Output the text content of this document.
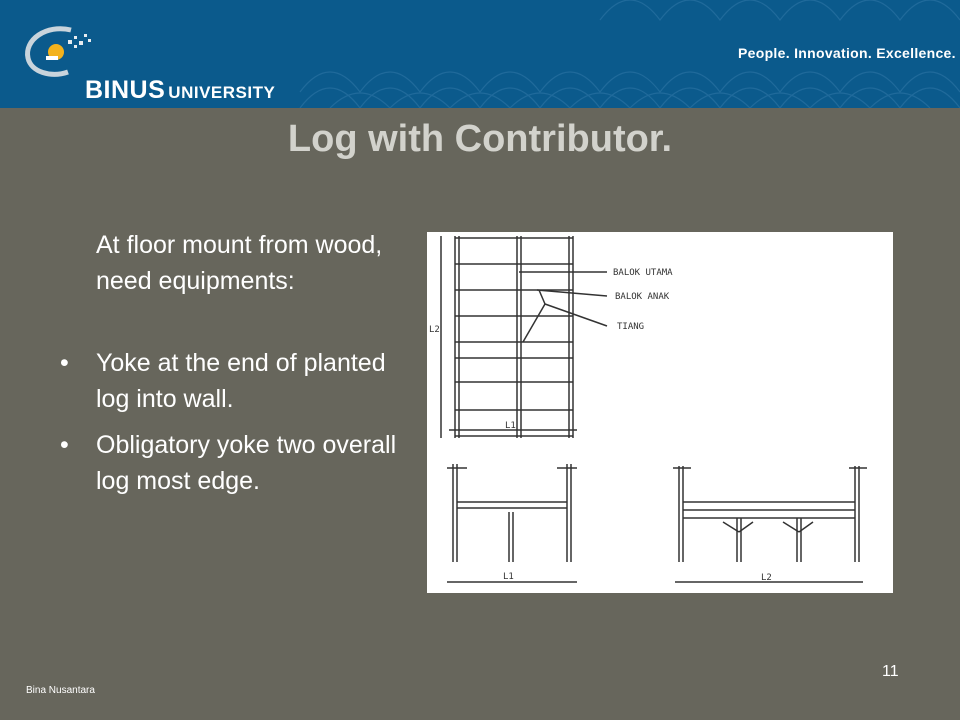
BINUS UNIVERSITY
People. Innovation. Excellence.
Log with Contributor.

At floor mount from wood, need equipments:

• Yoke at the end of planted log into wall.
• Obligatory yoke two overall log most edge.
BALOK UTAMA
BALOK ANAK
TIANG
L2
L1
L1	L2
Bina Nusantara
11
